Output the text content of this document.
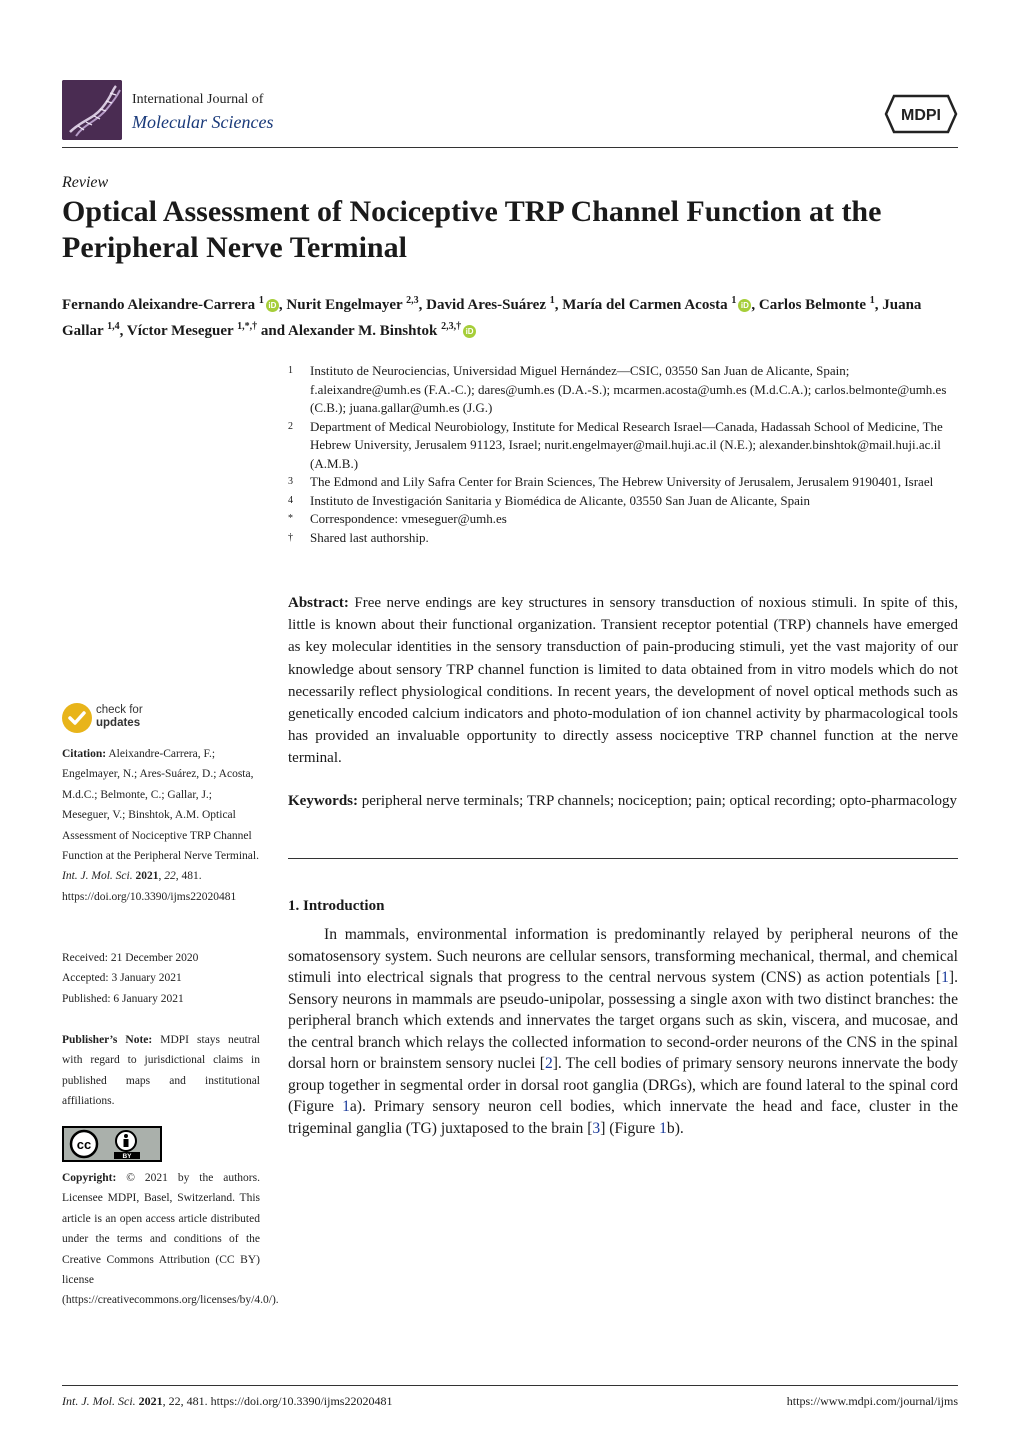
International Journal of
Molecular Sciences	MDPI
Review
Optical Assessment of Nociceptive TRP Channel Function at the Peripheral Nerve Terminal
Fernando Aleixandre-Carrera $^1$ iD , Nurit Engelmayer $^{2,3}$, David Ares-Suárez $^1$, María del Carmen Acosta $^1$ iD , Carlos Belmonte $^1$, Juana Gallar $^{1,4}$, Víctor Meseguer $^{1,*,\dagger}$ and Alexander M. Binshtok $^{2,3,\dagger}$ iD
1	Instituto de Neurociencias, Universidad Miguel Hernández—CSIC, 03550 San Juan de Alicante, Spain; f.aleixandre@umh.es (F.A.-C.); dares@umh.es (D.A.-S.); mcarmen.acosta@umh.es (M.d.C.A.); carlos.belmonte@umh.es (C.B.); juana.gallar@umh.es (J.G.)
2	Department of Medical Neurobiology, Institute for Medical Research Israel—Canada, Hadassah School of Medicine, The Hebrew University, Jerusalem 91123, Israel; nurit.engelmayer@mail.huji.ac.il (N.E.); alexander.binshtok@mail.huji.ac.il (A.M.B.)
3	The Edmond and Lily Safra Center for Brain Sciences, The Hebrew University of Jerusalem, Jerusalem 9190401, Israel
4	Instituto de Investigación Sanitaria y Biomédica de Alicante, 03550 San Juan de Alicante, Spain
*	Correspondence: vmeseguer@umh.es
†	Shared last authorship.
Abstract: Free nerve endings are key structures in sensory transduction of noxious stimuli. In spite of this, little is known about their functional organization. Transient receptor potential (TRP) channels have emerged as key molecular identities in the sensory transduction of pain-producing stimuli, yet the vast majority of our knowledge about sensory TRP channel function is limited to data obtained from in vitro models which do not necessarily reflect physiological conditions. In recent years, the development of novel optical methods such as genetically encoded calcium indicators and photo-modulation of ion channel activity by pharmacological tools has provided an invaluable opportunity to directly assess nociceptive TRP channel function at the nerve terminal.
Keywords: peripheral nerve terminals; TRP channels; nociception; pain; optical recording; opto-pharmacology
1. Introduction
In mammals, environmental information is predominantly relayed by peripheral neurons of the somatosensory system. Such neurons are cellular sensors, transforming mechanical, thermal, and chemical stimuli into electrical signals that progress to the central nervous system (CNS) as action potentials [1]. Sensory neurons in mammals are pseudo-unipolar, possessing a single axon with two distinct branches: the peripheral branch which extends and innervates the target organs such as skin, viscera, and mucosae, and the central branch which relays the collected information to second-order neurons of the CNS in the spinal dorsal horn or brainstem sensory nuclei [2]. The cell bodies of primary sensory neurons innervate the body group together in segmental order in dorsal root ganglia (DRGs), which are found lateral to the spinal cord (Figure 1a). Primary sensory neuron cell bodies, which innervate the head and face, cluster in the trigeminal ganglia (TG) juxtaposed to the brain [3] (Figure 1b).
check for
updates
Citation: Aleixandre-Carrera, F.; Engelmayer, N.; Ares-Suárez, D.; Acosta, M.d.C.; Belmonte, C.; Gallar, J.; Meseguer, V.; Binshtok, A.M. Optical Assessment of Nociceptive TRP Channel Function at the Peripheral Nerve Terminal. Int. J. Mol. Sci. 2021, 22, 481. https://doi.org/10.3390/ijms22020481
Received: 21 December 2020
Accepted: 3 January 2021
Published: 6 January 2021
Publisher’s Note: MDPI stays neutral with regard to jurisdictional claims in published maps and institutional affiliations.
cc
BY
Copyright: © 2021 by the authors. Licensee MDPI, Basel, Switzerland. This article is an open access article distributed under the terms and conditions of the Creative Commons Attribution (CC BY) license (https://creativecommons.org/licenses/by/4.0/).
Int. J. Mol. Sci. 2021, 22, 481. https://doi.org/10.3390/ijms22020481	https://www.mdpi.com/journal/ijms
